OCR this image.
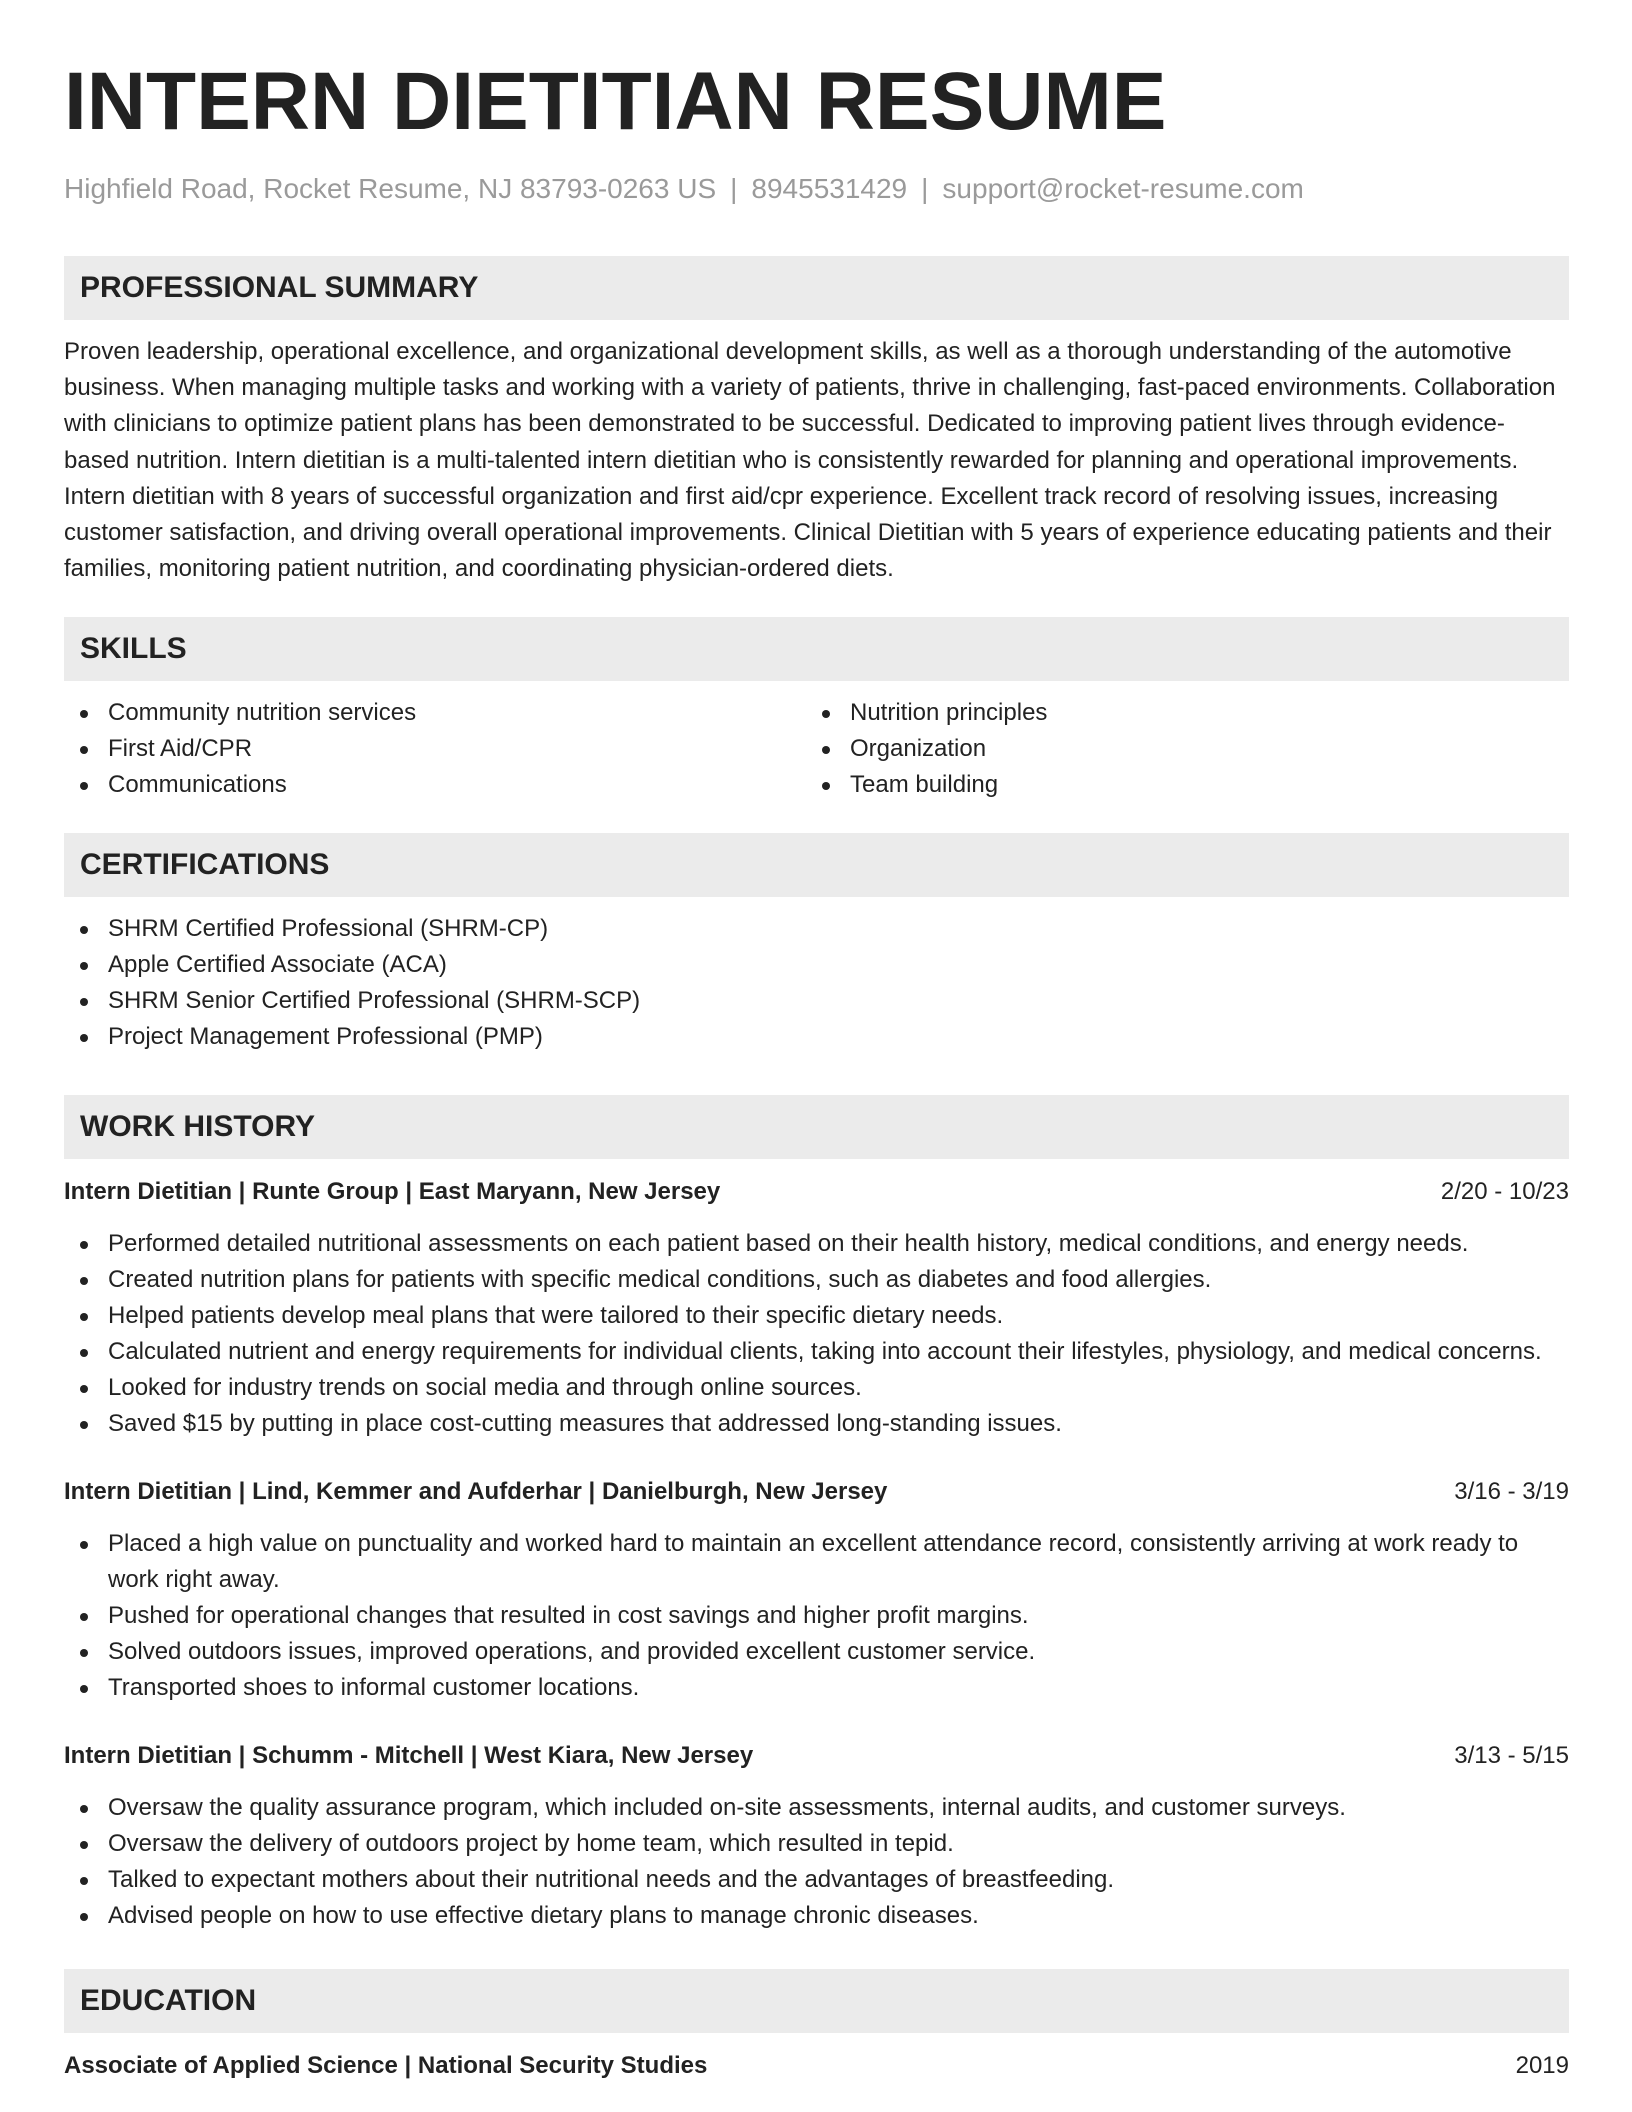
INTERN DIETITIAN RESUME
Highfield Road, Rocket Resume, NJ 83793-0263 US | 8945531429 | support@rocket-resume.com
PROFESSIONAL SUMMARY

Proven leadership, operational excellence, and organizational development skills, as well as a thorough understanding of the automotive business. When managing multiple tasks and working with a variety of patients, thrive in challenging, fast-paced environments. Collaboration with clinicians to optimize patient plans has been demonstrated to be successful. Dedicated to improving patient lives through evidence-based nutrition. Intern dietitian is a multi-talented intern dietitian who is consistently rewarded for planning and operational improvements. Intern dietitian with 8 years of successful organization and first aid/cpr experience. Excellent track record of resolving issues, increasing customer satisfaction, and driving overall operational improvements. Clinical Dietitian with 5 years of experience educating patients and their families, monitoring patient nutrition, and coordinating physician-ordered diets.

SKILLS
Community nutrition services
First Aid/CPR
Communications
Nutrition principles
Organization
Team building
CERTIFICATIONS
SHRM Certified Professional (SHRM-CP)
Apple Certified Associate (ACA)
SHRM Senior Certified Professional (SHRM-SCP)
Project Management Professional (PMP)
WORK HISTORY
Intern Dietitian | Runte Group | East Maryann, New Jersey	2/20 - 10/23
Performed detailed nutritional assessments on each patient based on their health history, medical conditions, and energy needs.
Created nutrition plans for patients with specific medical conditions, such as diabetes and food allergies.
Helped patients develop meal plans that were tailored to their specific dietary needs.
Calculated nutrient and energy requirements for individual clients, taking into account their lifestyles, physiology, and medical concerns.
Looked for industry trends on social media and through online sources.
Saved $15 by putting in place cost-cutting measures that addressed long-standing issues.
Intern Dietitian | Lind, Kemmer and Aufderhar | Danielburgh, New Jersey	3/16 - 3/19
Placed a high value on punctuality and worked hard to maintain an excellent attendance record, consistently arriving at work ready to work right away.
Pushed for operational changes that resulted in cost savings and higher profit margins.
Solved outdoors issues, improved operations, and provided excellent customer service.
Transported shoes to informal customer locations.
Intern Dietitian | Schumm - Mitchell | West Kiara, New Jersey	3/13 - 5/15
Oversaw the quality assurance program, which included on-site assessments, internal audits, and customer surveys.
Oversaw the delivery of outdoors project by home team, which resulted in tepid.
Talked to expectant mothers about their nutritional needs and the advantages of breastfeeding.
Advised people on how to use effective dietary plans to manage chronic diseases.
EDUCATION
Associate of Applied Science | National Security Studies	2019
